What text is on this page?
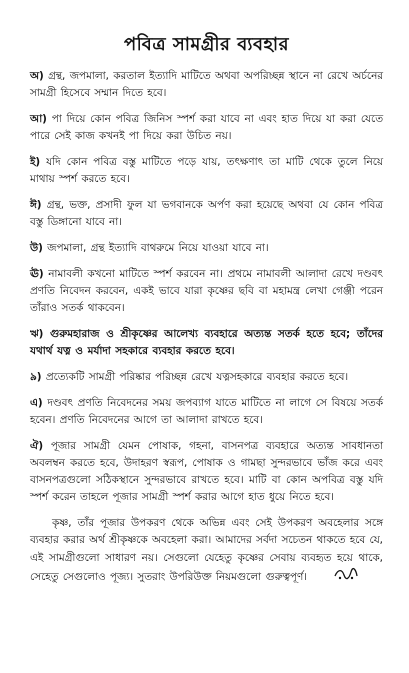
পবিত্র সামগ্রীর ব্যবহার

অ) গ্রন্থ, জপমালা, করতাল ইত্যাদি মাটিতে অথবা অপরিচ্ছন্ন স্থানে না রেখে অর্চনের সামগ্রী হিসেবে সম্মান দিতে হবে।

আ) পা দিয়ে কোন পবিত্র জিনিস স্পর্শ করা যাবে না এবং হাত দিয়ে যা করা যেতে পারে সেই কাজ কখনই পা দিয়ে করা উচিত নয়।

ই) যদি কোন পবিত্র বস্তু মাটিতে পড়ে যায়, তৎক্ষণাৎ তা মাটি থেকে তুলে নিয়ে মাথায় স্পর্শ করতে হবে।

ঈ) গ্রন্থ, ভক্ত, প্রসাদী ফুল যা ভগবানকে অর্পণ করা হয়েছে অথবা যে কোন পবিত্র বস্তু ডিঙ্গানো যাবে না।

উ) জপমালা, গ্রন্থ ইত্যাদি বাথরুমে নিয়ে যাওয়া যাবে না।

ঊ) নামাবলী কখনো মাটিতে স্পর্শ করবেন না। প্রথমে নামাবলী আলাদা রেখে দণ্ডবৎ প্রণতি নিবেদন করবেন, একই ভাবে যারা কৃষ্ণের ছবি বা মহামন্ত্র লেখা গেঞ্জী পরেন তাঁরাও সতর্ক থাকবেন।

ঋ) গুরুমহারাজ ও শ্রীকৃষ্ণের আলেখ্য ব্যবহারে অত্যন্ত সতর্ক হতে হবে; তাঁদের যথার্থ যত্ন ও মর্যাদা সহকারে ব্যবহার করতে হবে।

৯) প্রত্যেকটি সামগ্রী পরিষ্কার পরিচ্ছন্ন রেখে যত্নসহকারে ব্যবহার করতে হবে।

এ) দণ্ডবৎ প্রণতি নিবেদনের সময় জপব্যাগ যাতে মাটিতে না লাগে সে বিষয়ে সতর্ক হবেন। প্রণতি নিবেদনের আগে তা আলাদা রাখতে হবে।

ঐ) পূজার সামগ্রী যেমন পোষাক, গহনা, বাসনপত্র ব্যবহারে অত্যন্ত সাবধানতা অবলম্বন করতে হবে, উদাহরণ স্বরূপ, পোষাক ও গামছা সুন্দরভাবে ভাঁজ করে এবং বাসনপত্রগুলো সঠিকস্থানে সুন্দরভাবে রাখতে হবে। মাটি বা কোন অপবিত্র বস্তু যদি স্পর্শ করেন তাহলে পূজার সামগ্রী স্পর্শ করার আগে হাত ধুয়ে নিতে হবে।

কৃষ্ণ, তাঁর পূজার উপকরণ থেকে অভিন্ন এবং সেই উপকরণ অবহেলার সঙ্গে ব্যবহার করার অর্থ শ্রীকৃষ্ণকে অবহেলা করা। আমাদের সর্বদা সচেতন থাকতে হবে যে, এই সামগ্রীগুলো সাধারণ নয়। সেগুলো যেহেতু কৃষ্ণের সেবায় ব্যবহৃত হয়ে থাকে, সেহেতু সেগুলোও পূজ্য। সুতরাং উপরিউক্ত নিয়মগুলো গুরুত্বপূর্ণ।
